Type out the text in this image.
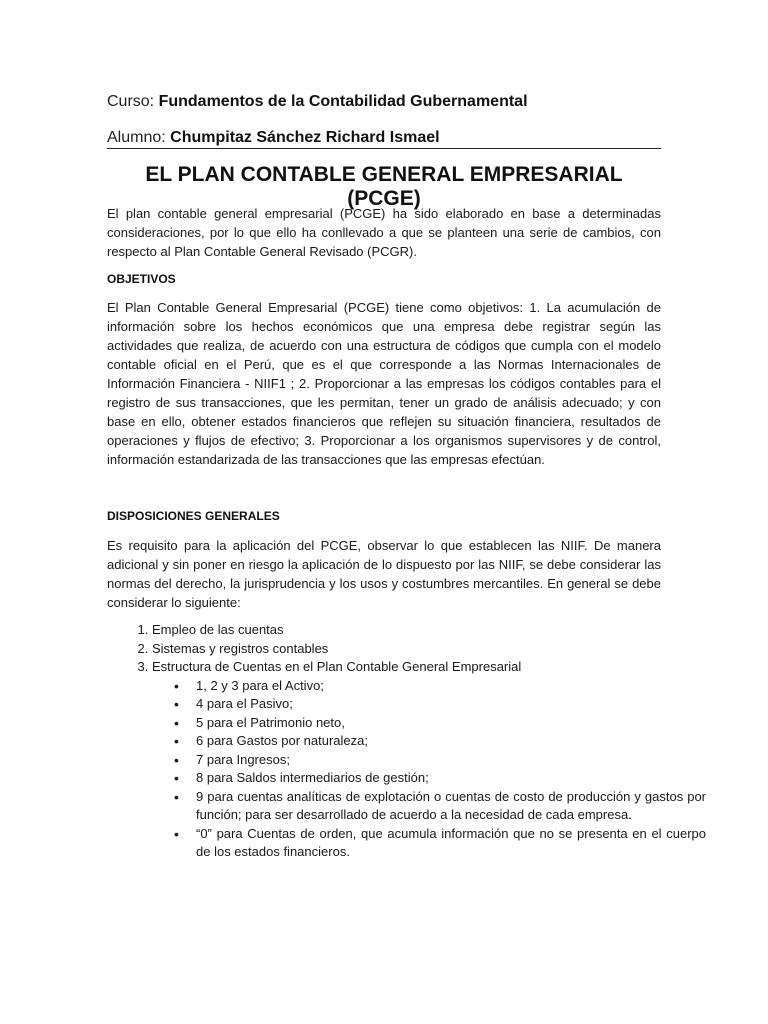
Curso: Fundamentos de la Contabilidad Gubernamental
Alumno: Chumpitaz Sánchez Richard Ismael
EL PLAN CONTABLE GENERAL EMPRESARIAL (PCGE)
El plan contable general empresarial (PCGE) ha sido elaborado en base a determinadas consideraciones, por lo que ello ha conllevado a que se planteen una serie de cambios, con respecto al Plan Contable General Revisado (PCGR).
OBJETIVOS
El Plan Contable General Empresarial (PCGE) tiene como objetivos: 1. La acumulación de información sobre los hechos económicos que una empresa debe registrar según las actividades que realiza, de acuerdo con una estructura de códigos que cumpla con el modelo contable oficial en el Perú, que es el que corresponde a las Normas Internacionales de Información Financiera - NIIF1 ; 2. Proporcionar a las empresas los códigos contables para el registro de sus transacciones, que les permitan, tener un grado de análisis adecuado; y con base en ello, obtener estados financieros que reflejen su situación financiera, resultados de operaciones y flujos de efectivo; 3. Proporcionar a los organismos supervisores y de control, información estandarizada de las transacciones que las empresas efectúan.
DISPOSICIONES GENERALES
Es requisito para la aplicación del PCGE, observar lo que establecen las NIIF. De manera adicional y sin poner en riesgo la aplicación de lo dispuesto por las NIIF, se debe considerar las normas del derecho, la jurisprudencia y los usos y costumbres mercantiles. En general se debe considerar lo siguiente:
1. Empleo de las cuentas
2. Sistemas y registros contables
3. Estructura de Cuentas en el Plan Contable General Empresarial
• 1, 2 y 3 para el Activo;
• 4 para el Pasivo;
• 5 para el Patrimonio neto,
• 6 para Gastos por naturaleza;
• 7 para Ingresos;
• 8 para Saldos intermediarios de gestión;
• 9 para cuentas analíticas de explotación o cuentas de costo de producción y gastos por función; para ser desarrollado de acuerdo a la necesidad de cada empresa.
• “0” para Cuentas de orden, que acumula información que no se presenta en el cuerpo de los estados financieros.
